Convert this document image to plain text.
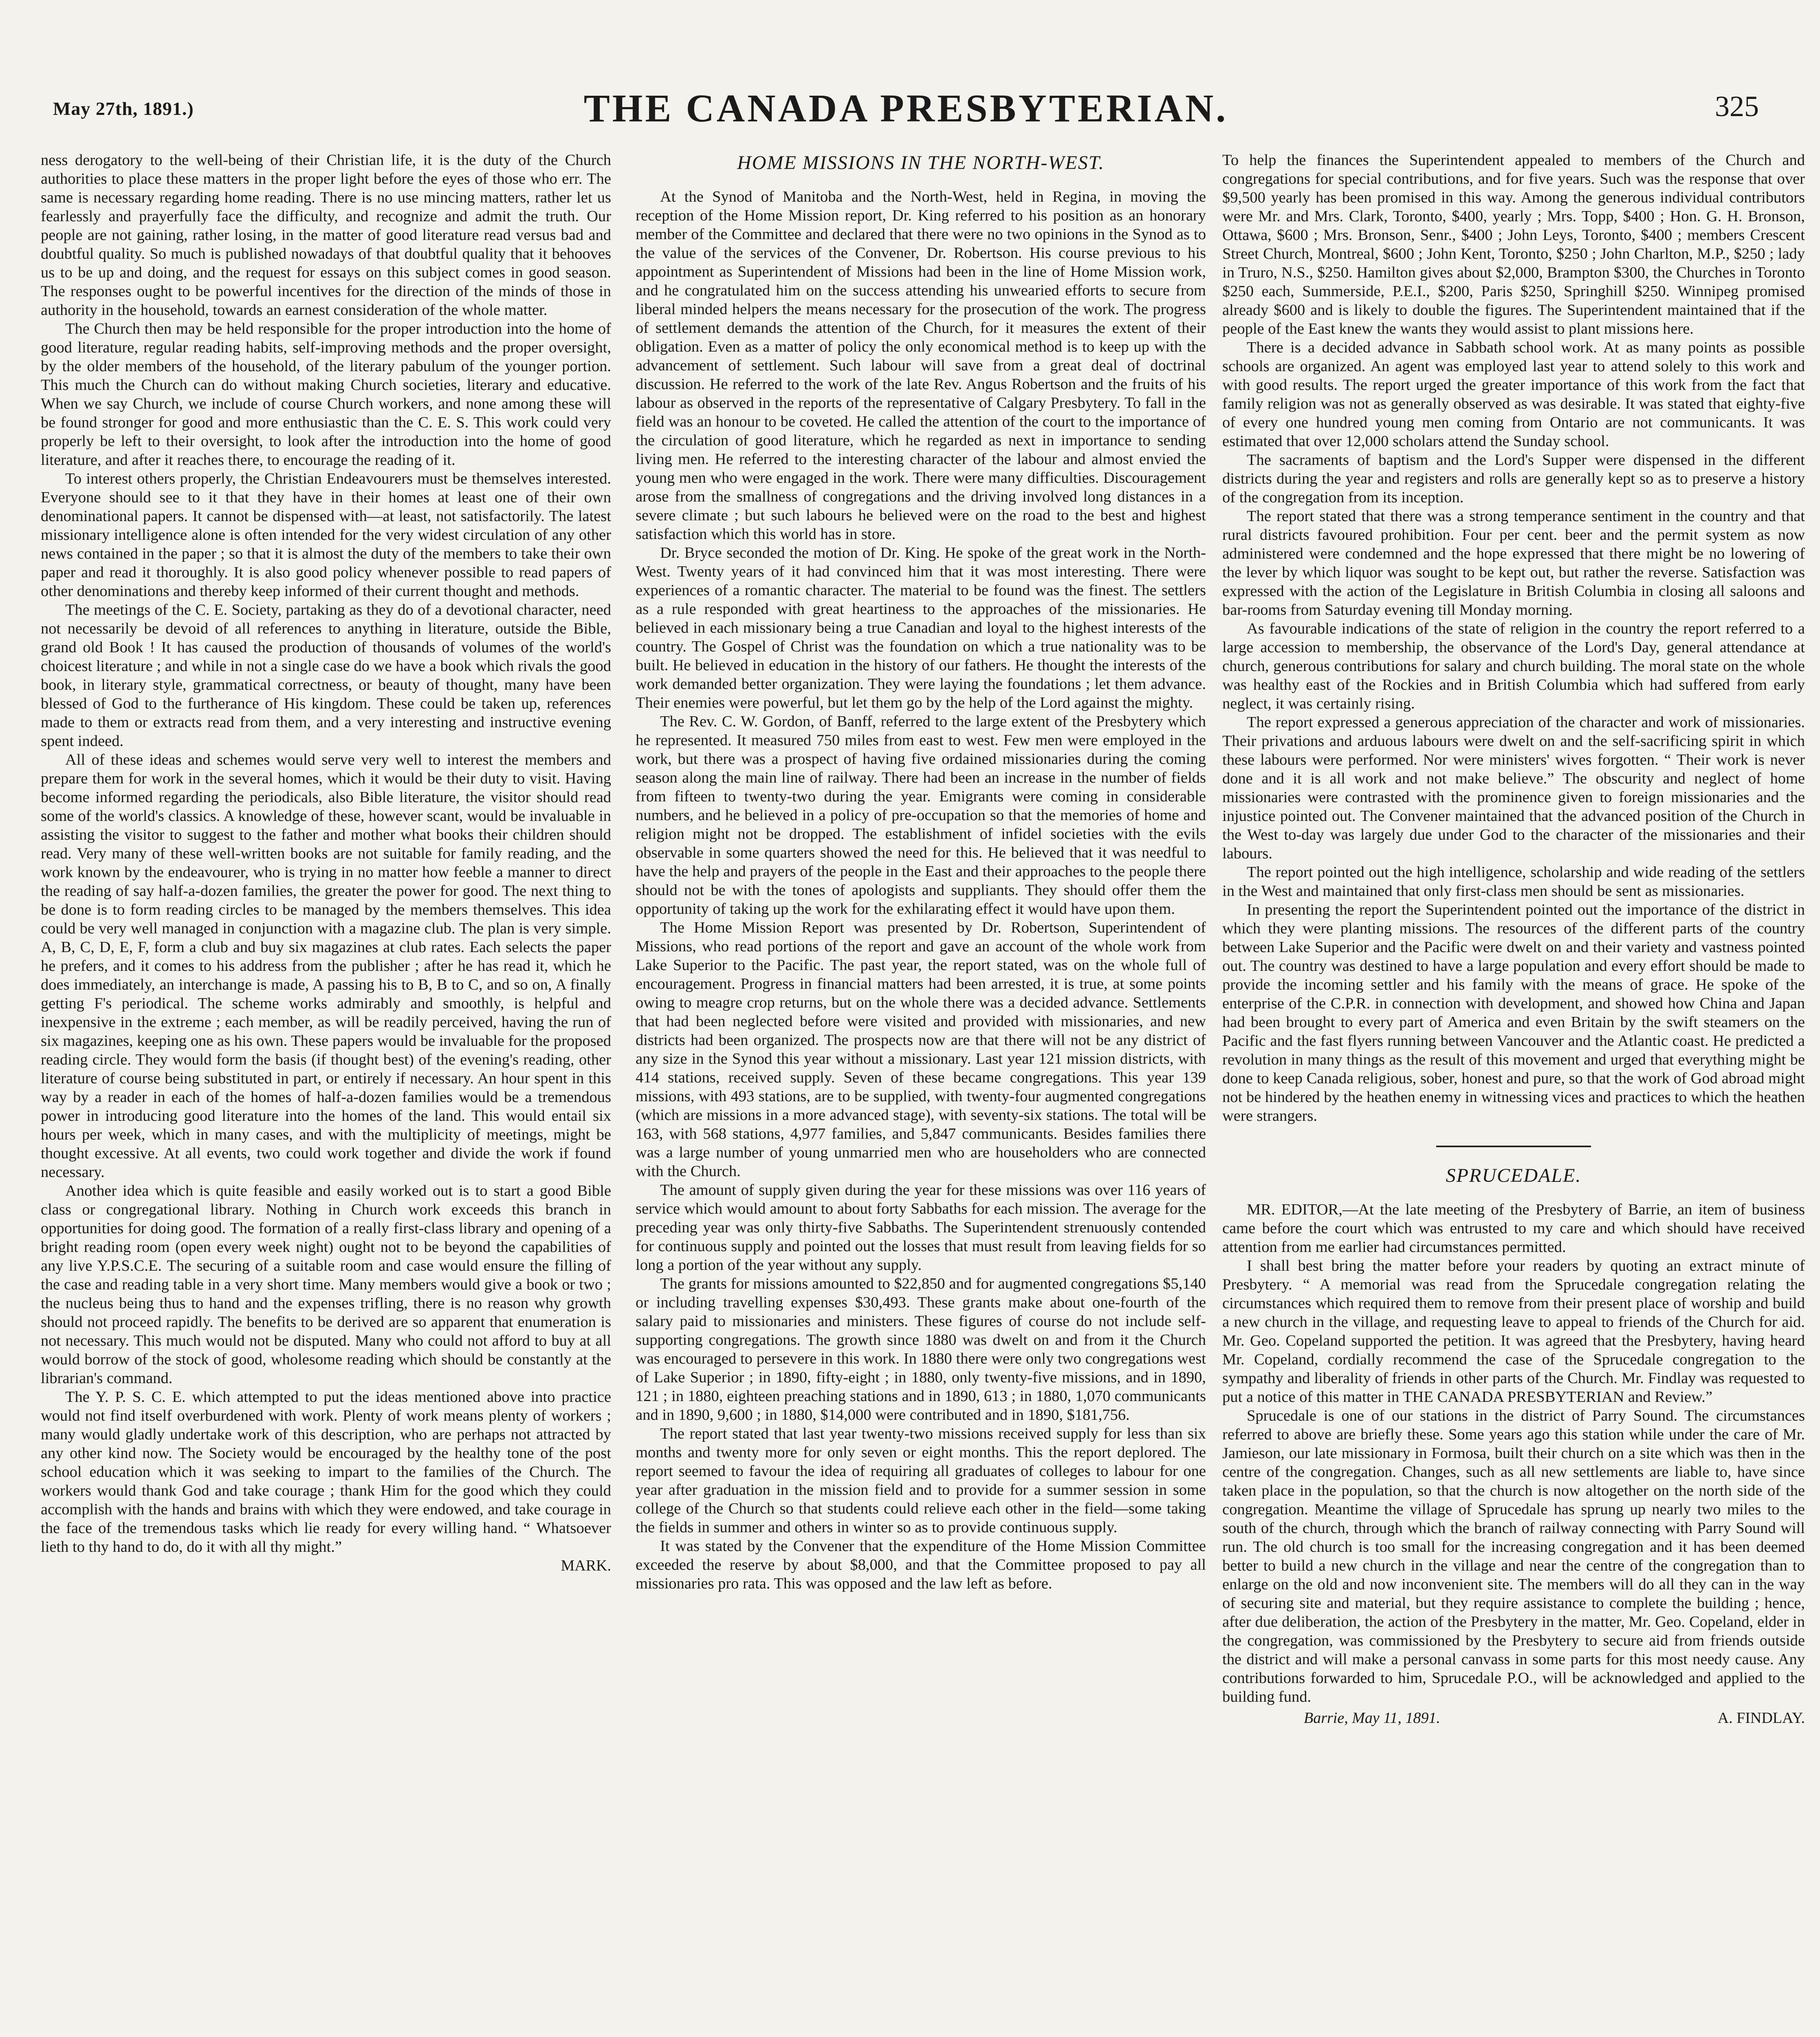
May 27th, 1891.)	THE CANADA PRESBYTERIAN.	325

ness derogatory to the well-being of their Christian life, it is the duty of the Church authorities to place these matters in the proper light before the eyes of those who err. The same is necessary regarding home reading. There is no use mincing matters, rather let us fearlessly and prayerfully face the difficulty, and recognize and admit the truth. Our people are not gaining, rather losing, in the matter of good literature read versus bad and doubtful quality. So much is published nowadays of that doubtful quality that it behooves us to be up and doing, and the request for essays on this subject comes in good season. The responses ought to be powerful incentives for the direction of the minds of those in authority in the household, towards an earnest consideration of the whole matter.

The Church then may be held responsible for the proper introduction into the home of good literature, regular reading habits, self-improving methods and the proper oversight, by the older members of the household, of the literary pabulum of the younger portion. This much the Church can do without making Church societies, literary and educative. When we say Church, we include of course Church workers, and none among these will be found stronger for good and more enthusiastic than the C. E. S. This work could very properly be left to their oversight, to look after the introduction into the home of good literature, and after it reaches there, to encourage the reading of it.

To interest others properly, the Christian Endeavourers must be themselves interested. Everyone should see to it that they have in their homes at least one of their own denominational papers. It cannot be dispensed with—at least, not satisfactorily. The latest missionary intelligence alone is often intended for the very widest circulation of any other news contained in the paper ; so that it is almost the duty of the members to take their own paper and read it thoroughly. It is also good policy whenever possible to read papers of other denominations and thereby keep informed of their current thought and methods.

The meetings of the C. E. Society, partaking as they do of a devotional character, need not necessarily be devoid of all references to anything in literature, outside the Bible, grand old Book ! It has caused the production of thousands of volumes of the world's choicest literature ; and while in not a single case do we have a book which rivals the good book, in literary style, grammatical correctness, or beauty of thought, many have been blessed of God to the furtherance of His kingdom. These could be taken up, references made to them or extracts read from them, and a very interesting and instructive evening spent indeed.

All of these ideas and schemes would serve very well to interest the members and prepare them for work in the several homes, which it would be their duty to visit. Having become informed regarding the periodicals, also Bible literature, the visitor should read some of the world's classics. A knowledge of these, however scant, would be invaluable in assisting the visitor to suggest to the father and mother what books their children should read. Very many of these well-written books are not suitable for family reading, and the work known by the endeavourer, who is trying in no matter how feeble a manner to direct the reading of say half-a-dozen families, the greater the power for good. The next thing to be done is to form reading circles to be managed by the members themselves. This idea could be very well managed in conjunction with a magazine club. The plan is very simple. A, B, C, D, E, F, form a club and buy six magazines at club rates. Each selects the paper he prefers, and it comes to his address from the publisher ; after he has read it, which he does immediately, an interchange is made, A passing his to B, B to C, and so on, A finally getting F's periodical. The scheme works admirably and smoothly, is helpful and inexpensive in the extreme ; each member, as will be readily perceived, having the run of six magazines, keeping one as his own. These papers would be invaluable for the proposed reading circle. They would form the basis (if thought best) of the evening's reading, other literature of course being substituted in part, or entirely if necessary. An hour spent in this way by a reader in each of the homes of half-a-dozen families would be a tremendous power in introducing good literature into the homes of the land. This would entail six hours per week, which in many cases, and with the multiplicity of meetings, might be thought excessive. At all events, two could work together and divide the work if found necessary.

Another idea which is quite feasible and easily worked out is to start a good Bible class or congregational library. Nothing in Church work exceeds this branch in opportunities for doing good. The formation of a really first-class library and opening of a bright reading room (open every week night) ought not to be beyond the capabilities of any live Y.P.S.C.E. The securing of a suitable room and case would ensure the filling of the case and reading table in a very short time. Many members would give a book or two ; the nucleus being thus to hand and the expenses trifling, there is no reason why growth should not proceed rapidly. The benefits to be derived are so apparent that enumeration is not necessary. This much would not be disputed. Many who could not afford to buy at all would borrow of the stock of good, wholesome reading which should be constantly at the librarian's command.

The Y. P. S. C. E. which attempted to put the ideas mentioned above into practice would not find itself overburdened with work. Plenty of work means plenty of workers ; many would gladly undertake work of this description, who are perhaps not attracted by any other kind now. The Society would be encouraged by the healthy tone of the post school education which it was seeking to impart to the families of the Church. The workers would thank God and take courage ; thank Him for the good which they could accomplish with the hands and brains with which they were endowed, and take courage in the face of the tremendous tasks which lie ready for every willing hand. “ Whatsoever lieth to thy hand to do, do it with all thy might.”

MARK.
HOME MISSIONS IN THE NORTH-WEST.

At the Synod of Manitoba and the North-West, held in Regina, in moving the reception of the Home Mission report, Dr. King referred to his position as an honorary member of the Committee and declared that there were no two opinions in the Synod as to the value of the services of the Convener, Dr. Robertson. His course previous to his appointment as Superintendent of Missions had been in the line of Home Mission work, and he congratulated him on the success attending his unwearied efforts to secure from liberal minded helpers the means necessary for the prosecution of the work. The progress of settlement demands the attention of the Church, for it measures the extent of their obligation. Even as a matter of policy the only economical method is to keep up with the advancement of settlement. Such labour will save from a great deal of doctrinal discussion. He referred to the work of the late Rev. Angus Robertson and the fruits of his labour as observed in the reports of the representative of Calgary Presbytery. To fall in the field was an honour to be coveted. He called the attention of the court to the importance of the circulation of good literature, which he regarded as next in importance to sending living men. He referred to the interesting character of the labour and almost envied the young men who were engaged in the work. There were many difficulties. Discouragement arose from the smallness of congregations and the driving involved long distances in a severe climate ; but such labours he believed were on the road to the best and highest satisfaction which this world has in store.

Dr. Bryce seconded the motion of Dr. King. He spoke of the great work in the North-West. Twenty years of it had convinced him that it was most interesting. There were experiences of a romantic character. The material to be found was the finest. The settlers as a rule responded with great heartiness to the approaches of the missionaries. He believed in each missionary being a true Canadian and loyal to the highest interests of the country. The Gospel of Christ was the foundation on which a true nationality was to be built. He believed in education in the history of our fathers. He thought the interests of the work demanded better organization. They were laying the foundations ; let them advance. Their enemies were powerful, but let them go by the help of the Lord against the mighty.

The Rev. C. W. Gordon, of Banff, referred to the large extent of the Presbytery which he represented. It measured 750 miles from east to west. Few men were employed in the work, but there was a prospect of having five ordained missionaries during the coming season along the main line of railway. There had been an increase in the number of fields from fifteen to twenty-two during the year. Emigrants were coming in considerable numbers, and he believed in a policy of pre-occupation so that the memories of home and religion might not be dropped. The establishment of infidel societies with the evils observable in some quarters showed the need for this. He believed that it was needful to have the help and prayers of the people in the East and their approaches to the people there should not be with the tones of apologists and suppliants. They should offer them the opportunity of taking up the work for the exhilarating effect it would have upon them.

The Home Mission Report was presented by Dr. Robertson, Superintendent of Missions, who read portions of the report and gave an account of the whole work from Lake Superior to the Pacific. The past year, the report stated, was on the whole full of encouragement. Progress in financial matters had been arrested, it is true, at some points owing to meagre crop returns, but on the whole there was a decided advance. Settlements that had been neglected before were visited and provided with missionaries, and new districts had been organized. The prospects now are that there will not be any district of any size in the Synod this year without a missionary. Last year 121 mission districts, with 414 stations, received supply. Seven of these became congregations. This year 139 missions, with 493 stations, are to be supplied, with twenty-four augmented congregations (which are missions in a more advanced stage), with seventy-six stations. The total will be 163, with 568 stations, 4,977 families, and 5,847 communicants. Besides families there was a large number of young unmarried men who are householders who are connected with the Church.

The amount of supply given during the year for these missions was over 116 years of service which would amount to about forty Sabbaths for each mission. The average for the preceding year was only thirty-five Sabbaths. The Superintendent strenuously contended for continuous supply and pointed out the losses that must result from leaving fields for so long a portion of the year without any supply.

The grants for missions amounted to $22,850 and for augmented congregations $5,140 or including travelling expenses $30,493. These grants make about one-fourth of the salary paid to missionaries and ministers. These figures of course do not include self-supporting congregations. The growth since 1880 was dwelt on and from it the Church was encouraged to persevere in this work. In 1880 there were only two congregations west of Lake Superior ; in 1890, fifty-eight ; in 1880, only twenty-five missions, and in 1890, 121 ; in 1880, eighteen preaching stations and in 1890, 613 ; in 1880, 1,070 communicants and in 1890, 9,600 ; in 1880, $14,000 were contributed and in 1890, $181,756.

The report stated that last year twenty-two missions received supply for less than six months and twenty more for only seven or eight months. This the report deplored. The report seemed to favour the idea of requiring all graduates of colleges to labour for one year after graduation in the mission field and to provide for a summer session in some college of the Church so that students could relieve each other in the field—some taking the fields in summer and others in winter so as to provide continuous supply.

It was stated by the Convener that the expenditure of the Home Mission Committee exceeded the reserve by about $8,000, and that the Committee proposed to pay all missionaries pro rata. This was opposed and the law left as before.

To help the finances the Superintendent appealed to members of the Church and congregations for special contributions, and for five years. Such was the response that over $9,500 yearly has been promised in this way. Among the generous individual contributors were Mr. and Mrs. Clark, Toronto, $400, yearly ; Mrs. Topp, $400 ; Hon. G. H. Bronson, Ottawa, $600 ; Mrs. Bronson, Senr., $400 ; John Leys, Toronto, $400 ; members Crescent Street Church, Montreal, $600 ; John Kent, Toronto, $250 ; John Charlton, M.P., $250 ; lady in Truro, N.S., $250. Hamilton gives about $2,000, Brampton $300, the Churches in Toronto $250 each, Summerside, P.E.I., $200, Paris $250, Springhill $250. Winnipeg promised already $600 and is likely to double the figures. The Superintendent maintained that if the people of the East knew the wants they would assist to plant missions here.

There is a decided advance in Sabbath school work. At as many points as possible schools are organized. An agent was employed last year to attend solely to this work and with good results. The report urged the greater importance of this work from the fact that family religion was not as generally observed as was desirable. It was stated that eighty-five of every one hundred young men coming from Ontario are not communicants. It was estimated that over 12,000 scholars attend the Sunday school.

The sacraments of baptism and the Lord's Supper were dispensed in the different districts during the year and registers and rolls are generally kept so as to preserve a history of the congregation from its inception.

The report stated that there was a strong temperance sentiment in the country and that rural districts favoured prohibition. Four per cent. beer and the permit system as now administered were condemned and the hope expressed that there might be no lowering of the lever by which liquor was sought to be kept out, but rather the reverse. Satisfaction was expressed with the action of the Legislature in British Columbia in closing all saloons and bar-rooms from Saturday evening till Monday morning.

As favourable indications of the state of religion in the country the report referred to a large accession to membership, the observance of the Lord's Day, general attendance at church, generous contributions for salary and church building. The moral state on the whole was healthy east of the Rockies and in British Columbia which had suffered from early neglect, it was certainly rising.

The report expressed a generous appreciation of the character and work of missionaries. Their privations and arduous labours were dwelt on and the self-sacrificing spirit in which these labours were performed. Nor were ministers' wives forgotten. “ Their work is never done and it is all work and not make believe.” The obscurity and neglect of home missionaries were contrasted with the prominence given to foreign missionaries and the injustice pointed out. The Convener maintained that the advanced position of the Church in the West to-day was largely due under God to the character of the missionaries and their labours.

The report pointed out the high intelligence, scholarship and wide reading of the settlers in the West and maintained that only first-class men should be sent as missionaries.

In presenting the report the Superintendent pointed out the importance of the district in which they were planting missions. The resources of the different parts of the country between Lake Superior and the Pacific were dwelt on and their variety and vastness pointed out. The country was destined to have a large population and every effort should be made to provide the incoming settler and his family with the means of grace. He spoke of the enterprise of the C.P.R. in connection with development, and showed how China and Japan had been brought to every part of America and even Britain by the swift steamers on the Pacific and the fast flyers running between Vancouver and the Atlantic coast. He predicted a revolution in many things as the result of this movement and urged that everything might be done to keep Canada religious, sober, honest and pure, so that the work of God abroad might not be hindered by the heathen enemy in witnessing vices and practices to which the heathen were strangers.

SPRUCEDALE.

MR. EDITOR,—At the late meeting of the Presbytery of Barrie, an item of business came before the court which was entrusted to my care and which should have received attention from me earlier had circumstances permitted.

I shall best bring the matter before your readers by quoting an extract minute of Presbytery. “ A memorial was read from the Sprucedale congregation relating the circumstances which required them to remove from their present place of worship and build a new church in the village, and requesting leave to appeal to friends of the Church for aid. Mr. Geo. Copeland supported the petition. It was agreed that the Presbytery, having heard Mr. Copeland, cordially recommend the case of the Sprucedale congregation to the sympathy and liberality of friends in other parts of the Church. Mr. Findlay was requested to put a notice of this matter in THE CANADA PRESBYTERIAN and Review.”

Sprucedale is one of our stations in the district of Parry Sound. The circumstances referred to above are briefly these. Some years ago this station while under the care of Mr. Jamieson, our late missionary in Formosa, built their church on a site which was then in the centre of the congregation. Changes, such as all new settlements are liable to, have since taken place in the population, so that the church is now altogether on the north side of the congregation. Meantime the village of Sprucedale has sprung up nearly two miles to the south of the church, through which the branch of railway connecting with Parry Sound will run. The old church is too small for the increasing congregation and it has been deemed better to build a new church in the village and near the centre of the congregation than to enlarge on the old and now inconvenient site. The members will do all they can in the way of securing site and material, but they require assistance to complete the building ; hence, after due deliberation, the action of the Presbytery in the matter, Mr. Geo. Copeland, elder in the congregation, was commissioned by the Presbytery to secure aid from friends outside the district and will make a personal canvass in some parts for this most needy cause. Any contributions forwarded to him, Sprucedale P.O., will be acknowledged and applied to the building fund.

Barrie, May 11, 1891.	A. FINDLAY.
